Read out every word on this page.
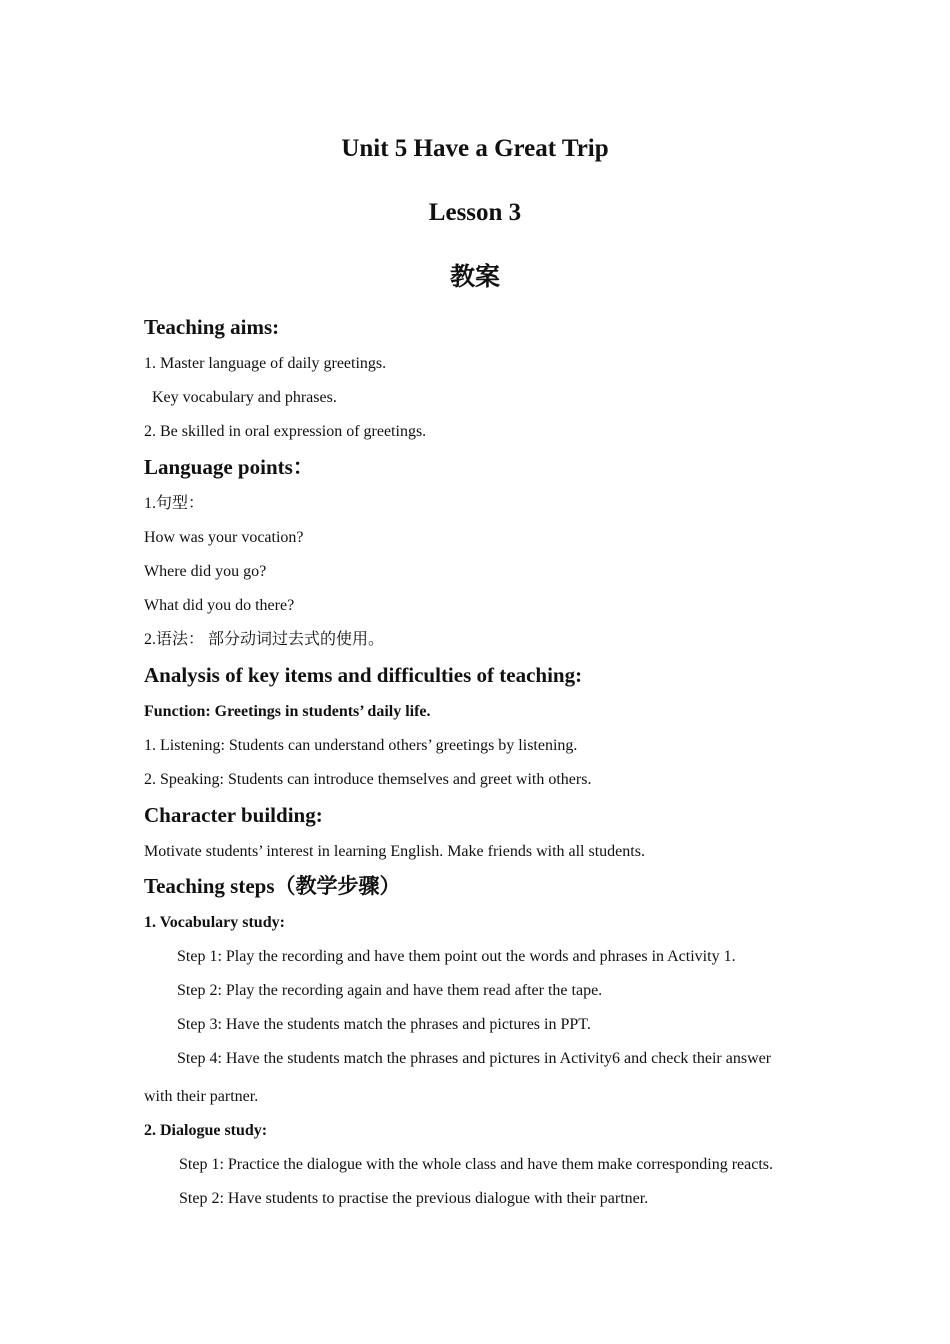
Unit 5 Have a Great Trip
Lesson 3
教案
Teaching aims:

1. Master language of daily greetings.

Key vocabulary and phrases.

2. Be skilled in oral expression of greetings.

Language points：

1.句型：

How was your vocation?

Where did you go?

What did you do there?

2.语法： 部分动词过去式的使用。

Analysis of key items and difficulties of teaching:

Function: Greetings in students’ daily life.

1. Listening: Students can understand others’ greetings by listening.

2. Speaking: Students can introduce themselves and greet with others.

Character building:

Motivate students’ interest in learning English. Make friends with all students.

Teaching steps（教学步骤）

1. Vocabulary study:

Step 1: Play the recording and have them point out the words and phrases in Activity 1.

Step 2: Play the recording again and have them read after the tape.

Step 3: Have the students match the phrases and pictures in PPT.

Step 4: Have the students match the phrases and pictures in Activity6 and check their answer

with their partner.

2. Dialogue study:

Step 1: Practice the dialogue with the whole class and have them make corresponding reacts.

Step 2: Have students to practise the previous dialogue with their partner.
